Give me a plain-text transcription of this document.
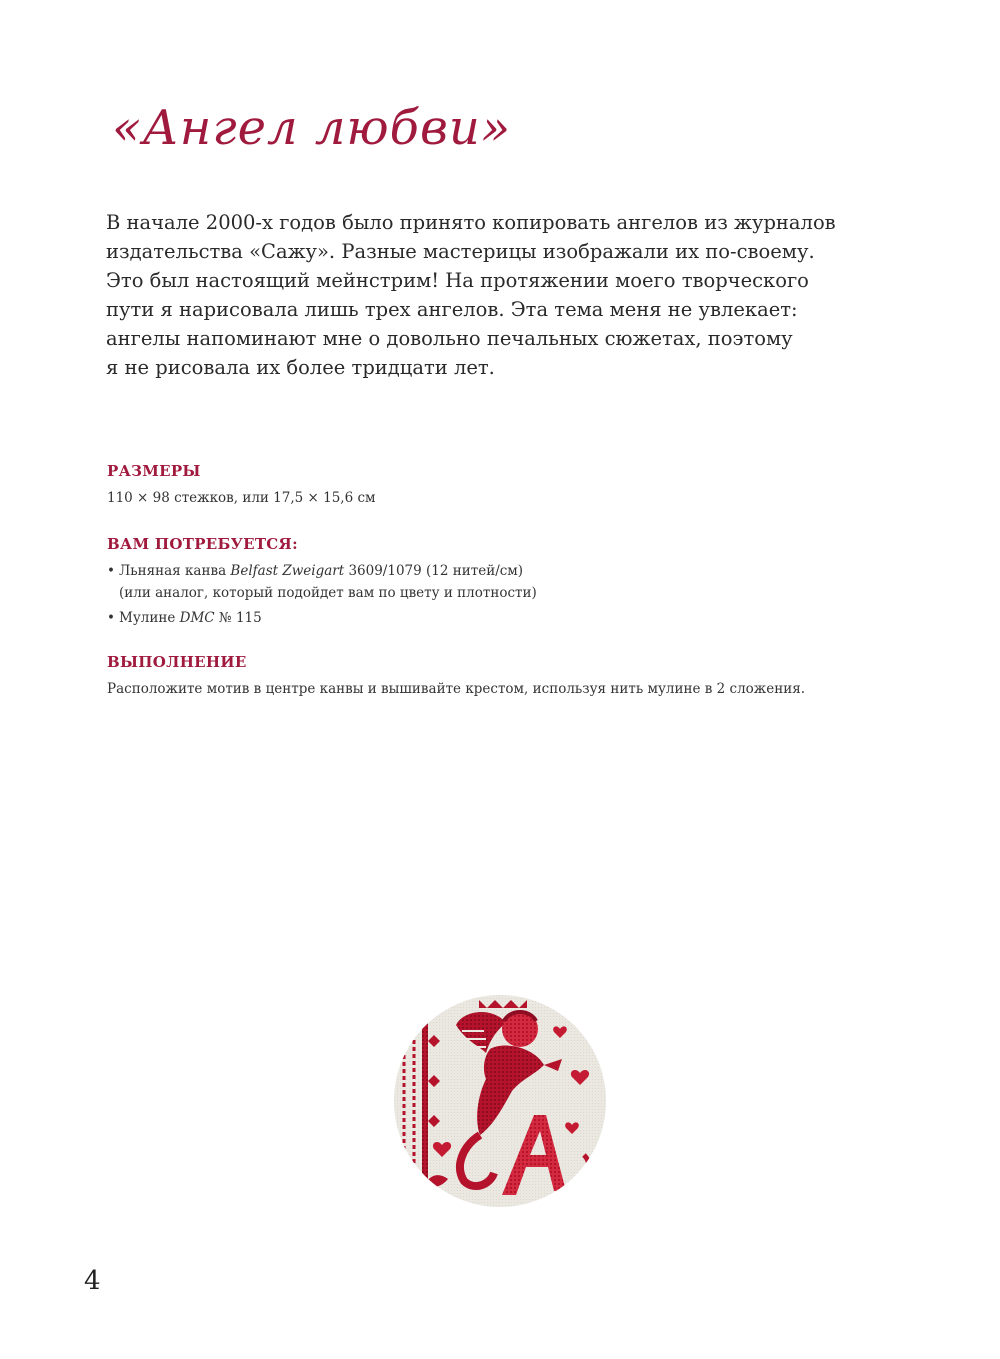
«Ангел любви»
В начале 2000-х годов было принято копировать ангелов из журналов
издательства «Сажу». Разные мастерицы изображали их по-своему.
Это был настоящий мейнстрим! На протяжении моего творческого
пути я нарисовала лишь трех ангелов. Эта тема меня не увлекает:
ангелы напоминают мне о довольно печальных сюжетах, поэтому
я не рисовала их более тридцати лет.
РАЗМЕРЫ
110 × 98 стежков, или 17,5 × 15,6 см
ВАМ ПОТРЕБУЕТСЯ:
• Льняная канва Belfast Zweigart 3609/1079 (12 нитей/см)
(или аналог, который подойдет вам по цвету и плотности)
• Мулине DMC № 115
ВЫПОЛНЕНИЕ
Расположите мотив в центре канвы и вышивайте крестом, используя нить мулине в 2 сложения.
4
